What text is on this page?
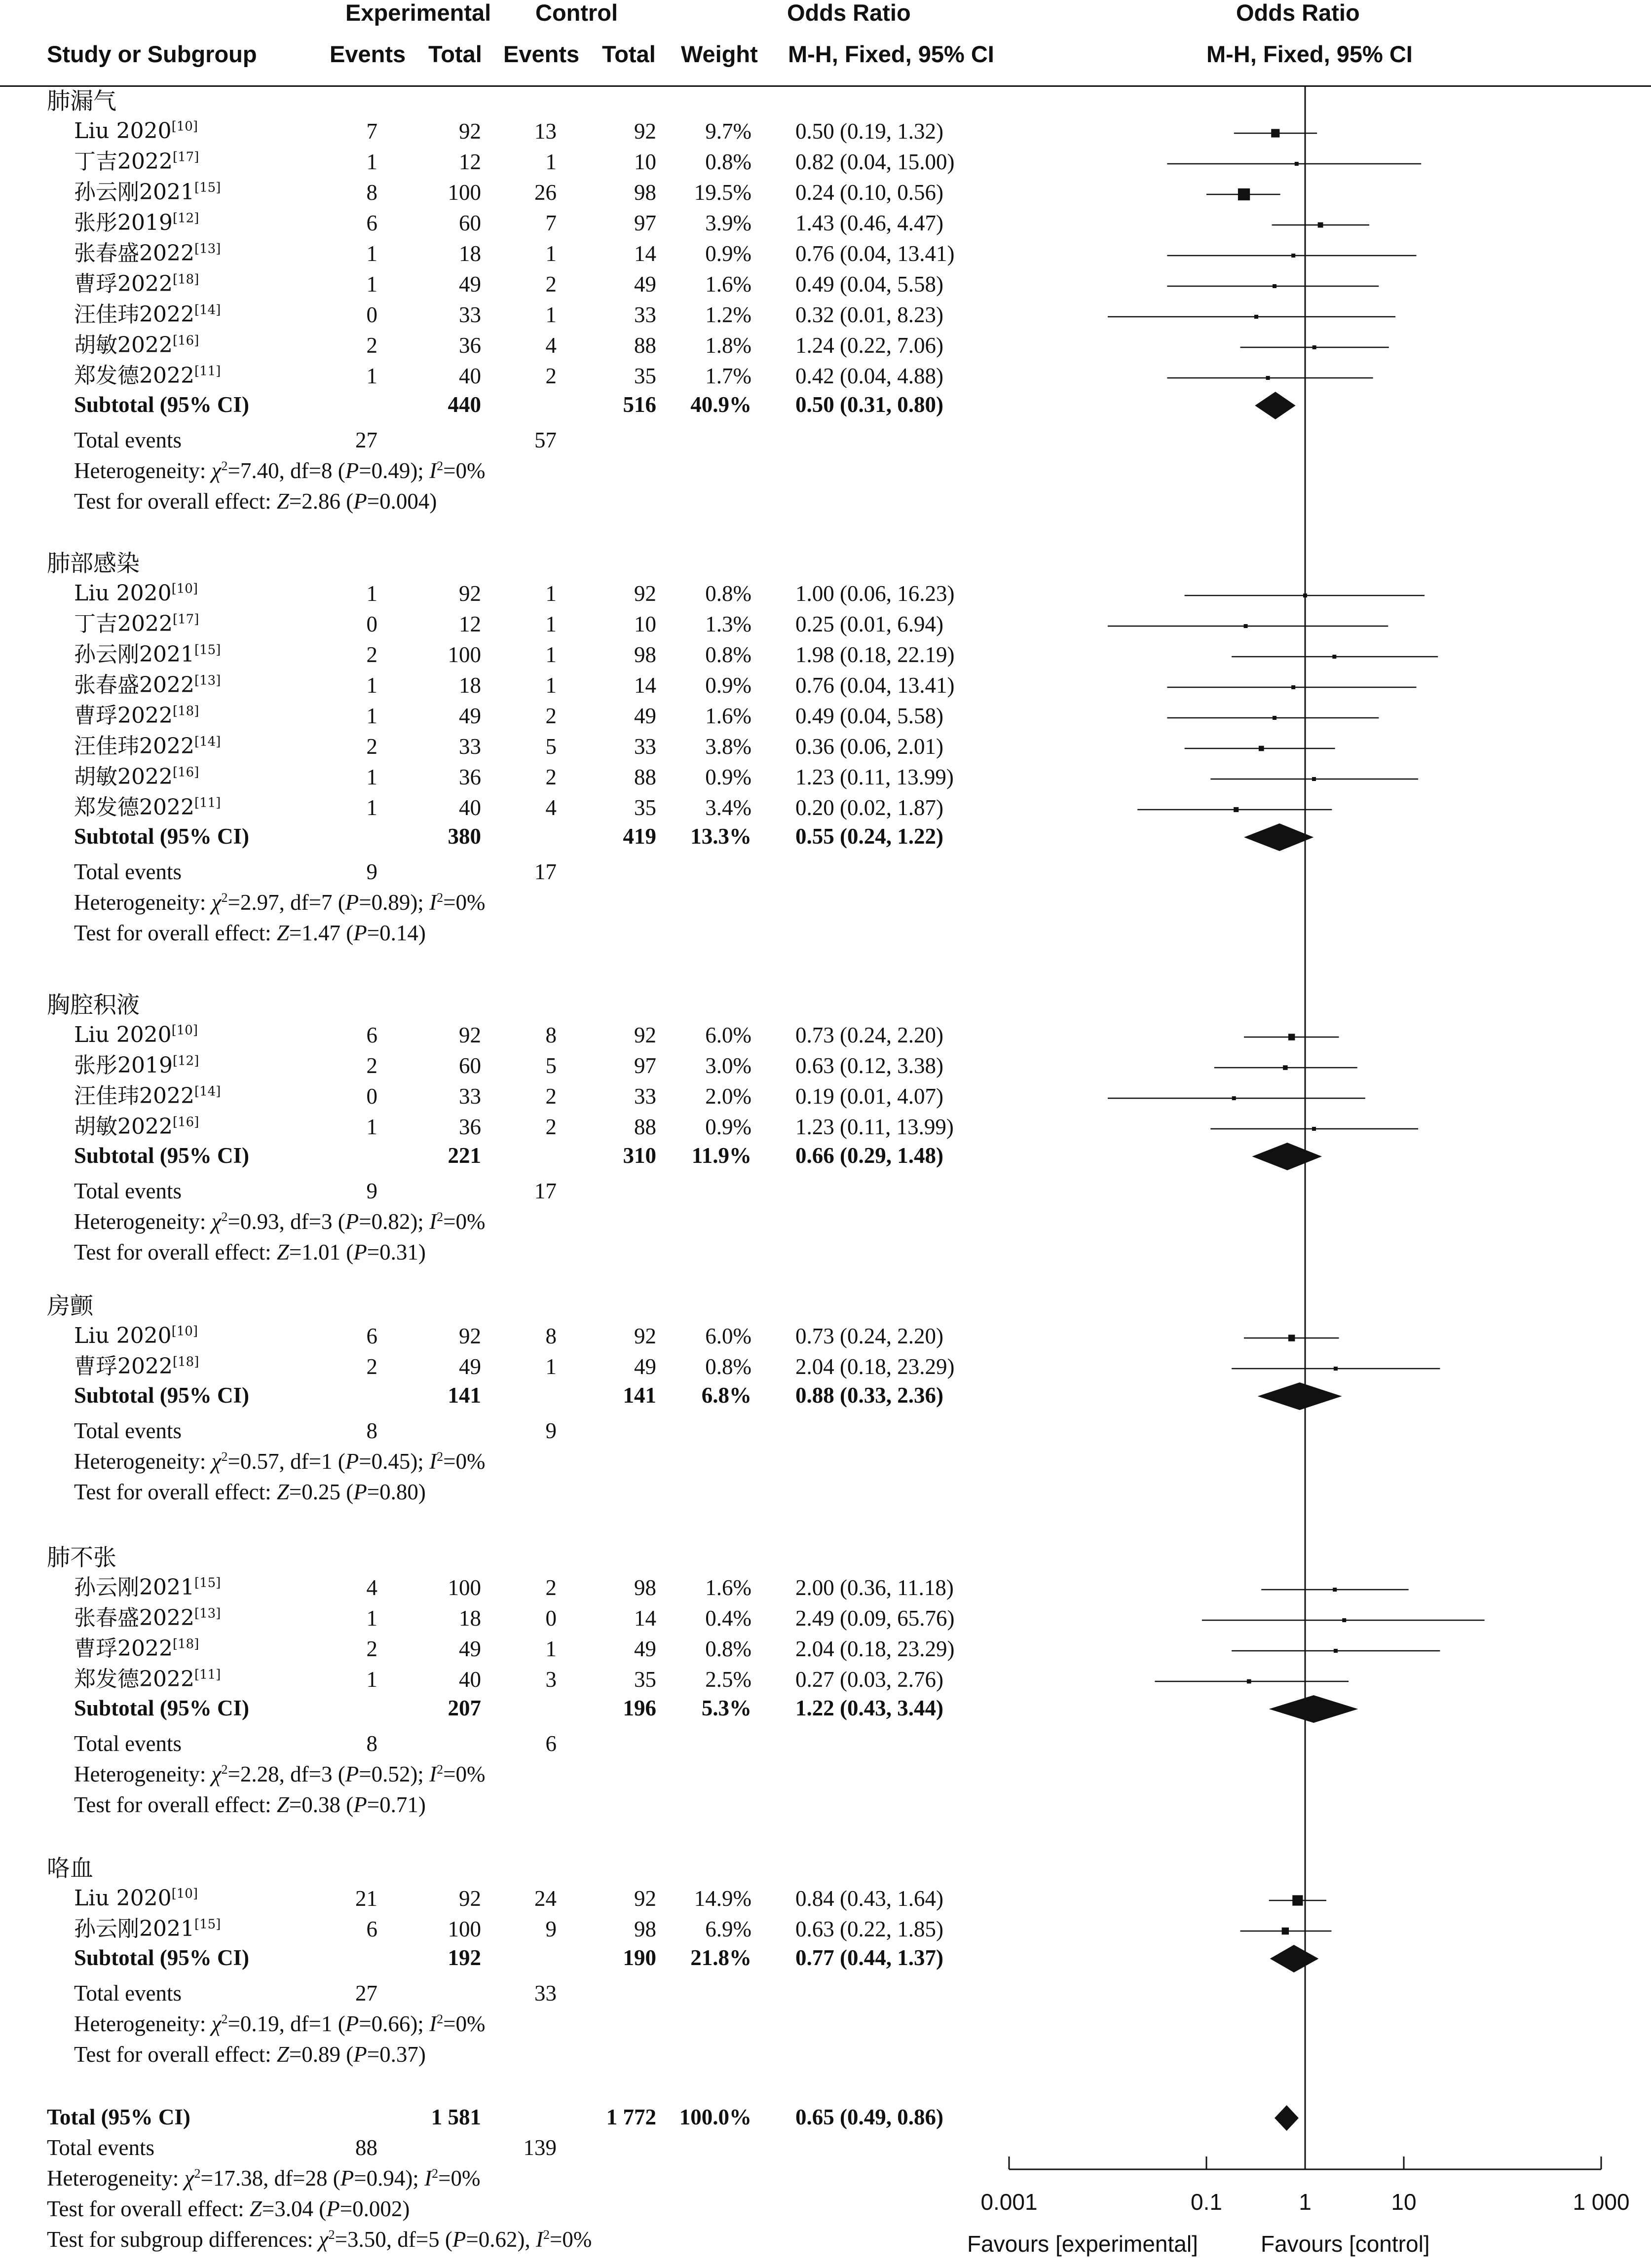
Experimental Control	Odds Ratio	Odds Ratio
Study or Subgroup	Events Total Events Total Weight M-H, Fixed, 95% CI	M-H, Fixed, 95% CI
肺漏气
Liu 2020[10]	7	92 13	92 9.7% 0.50 (0.19, 1.32)
丁吉2022[17]	1	12	1	10 0.8% 0.82 (0.04, 15.00)
孙云刚2021[15]	8	100 26	98 19.5% 0.24 (0.10, 0.56)
张彤2019[12]	6	60	7	97 3.9% 1.43 (0.46, 4.47)
张春盛2022[13]	1	18	1	14 0.9% 0.76 (0.04, 13.41)
曹琈2022[18]	1	49	2	49 1.6% 0.49 (0.04, 5.58)
汪佳玮2022[14]	0	33	1	33 1.2% 0.32 (0.01, 8.23)
胡敏2022[16]	2	36	4	88 1.8% 1.24 (0.22, 7.06)
郑发德2022[11]	1	40	2	35 1.7% 0.42 (0.04, 4.88)
Subtotal (95% CI)	440	516 40.9% 0.50 (0.31, 0.80)
Total events	27	57
Heterogeneity: $\chi^2=7.40$, df=8 (P=0.49); $I^2=0\%$
Test for overall effect: Z=2.86 (P=0.004)
肺部感染
Liu 2020[10]	1	92	1	92 0.8% 1.00 (0.06, 16.23)
丁吉2022[17]	0	12	1	10 1.3% 0.25 (0.01, 6.94)
孙云刚2021[15]	2	100	1	98 0.8% 1.98 (0.18, 22.19)
张春盛2022[13]	1	18	1	14 0.9% 0.76 (0.04, 13.41)
曹琈2022[18]	1	49	2	49 1.6% 0.49 (0.04, 5.58)
汪佳玮2022[14]	2	33	5	33 3.8% 0.36 (0.06, 2.01)
胡敏2022[16]	1	36	2	88 0.9% 1.23 (0.11, 13.99)
郑发德2022[11]	1	40	4	35 3.4% 0.20 (0.02, 1.87)
Subtotal (95% CI)	380	419 13.3% 0.55 (0.24, 1.22)
Total events	9	17
Heterogeneity: $\chi^2=2.97$, df=7 (P=0.89); $I^2=0\%$
Test for overall effect: Z=1.47 (P=0.14)
胸腔积液
Liu 2020[10]	6	92	8	92 6.0% 0.73 (0.24, 2.20)
张彤2019[12]	2	60	5	97 3.0% 0.63 (0.12, 3.38)
汪佳玮2022[14]	0	33	2	33 2.0% 0.19 (0.01, 4.07)
胡敏2022[16]	1	36	2	88 0.9% 1.23 (0.11, 13.99)
Subtotal (95% CI)	221	310 11.9% 0.66 (0.29, 1.48)
Total events	9	17
Heterogeneity: $\chi^2=0.93$, df=3 (P=0.82); $I^2=0\%$
Test for overall effect: Z=1.01 (P=0.31)
房颤
Liu 2020[10]	6	92	8	92 6.0% 0.73 (0.24, 2.20)
曹琈2022[18]	2	49	1	49 0.8% 2.04 (0.18, 23.29)
Subtotal (95% CI)	141	141 6.8% 0.88 (0.33, 2.36)
Total events	8	9
Heterogeneity: $\chi^2=0.57$, df=1 (P=0.45); $I^2=0\%$
Test for overall effect: Z=0.25 (P=0.80)
肺不张
孙云刚2021[15]	4	100	2	98 1.6% 2.00 (0.36, 11.18)
张春盛2022[13]	1	18	0	14 0.4% 2.49 (0.09, 65.76)
曹琈2022[18]	2	49	1	49 0.8% 2.04 (0.18, 23.29)
郑发德2022[11]	1	40	3	35 2.5% 0.27 (0.03, 2.76)
Subtotal (95% CI)	207	196 5.3% 1.22 (0.43, 3.44)
Total events	8	6
Heterogeneity: $\chi^2=2.28$, df=3 (P=0.52); $I^2=0\%$
Test for overall effect: Z=0.38 (P=0.71)
咯血
Liu 2020[10]	21	92 24	92 14.9% 0.84 (0.43, 1.64)
孙云刚2021[15]	6	100	9	98 6.9% 0.63 (0.22, 1.85)
Subtotal (95% CI)	192	190 21.8% 0.77 (0.44, 1.37)
Total events	27	33
Heterogeneity: $\chi^2=0.19$, df=1 (P=0.66); $I^2=0\%$
Test for overall effect: Z=0.89 (P=0.37)
Total (95% CI)	1 581	1 772 100.0% 0.65 (0.49, 0.86)
Total events	88	139
Heterogeneity: $\chi^2=17.38$, df=28 (P=0.94); $I^2=0\%$
Test for overall effect: Z=3.04 (P=0.002)
Test for subgroup differences: $\chi^2=3.50$, df=5 (P=0.62), $I^2=0\%$
0.001	0.1	1	10	1 000
Favours [experimental]	Favours [control]
